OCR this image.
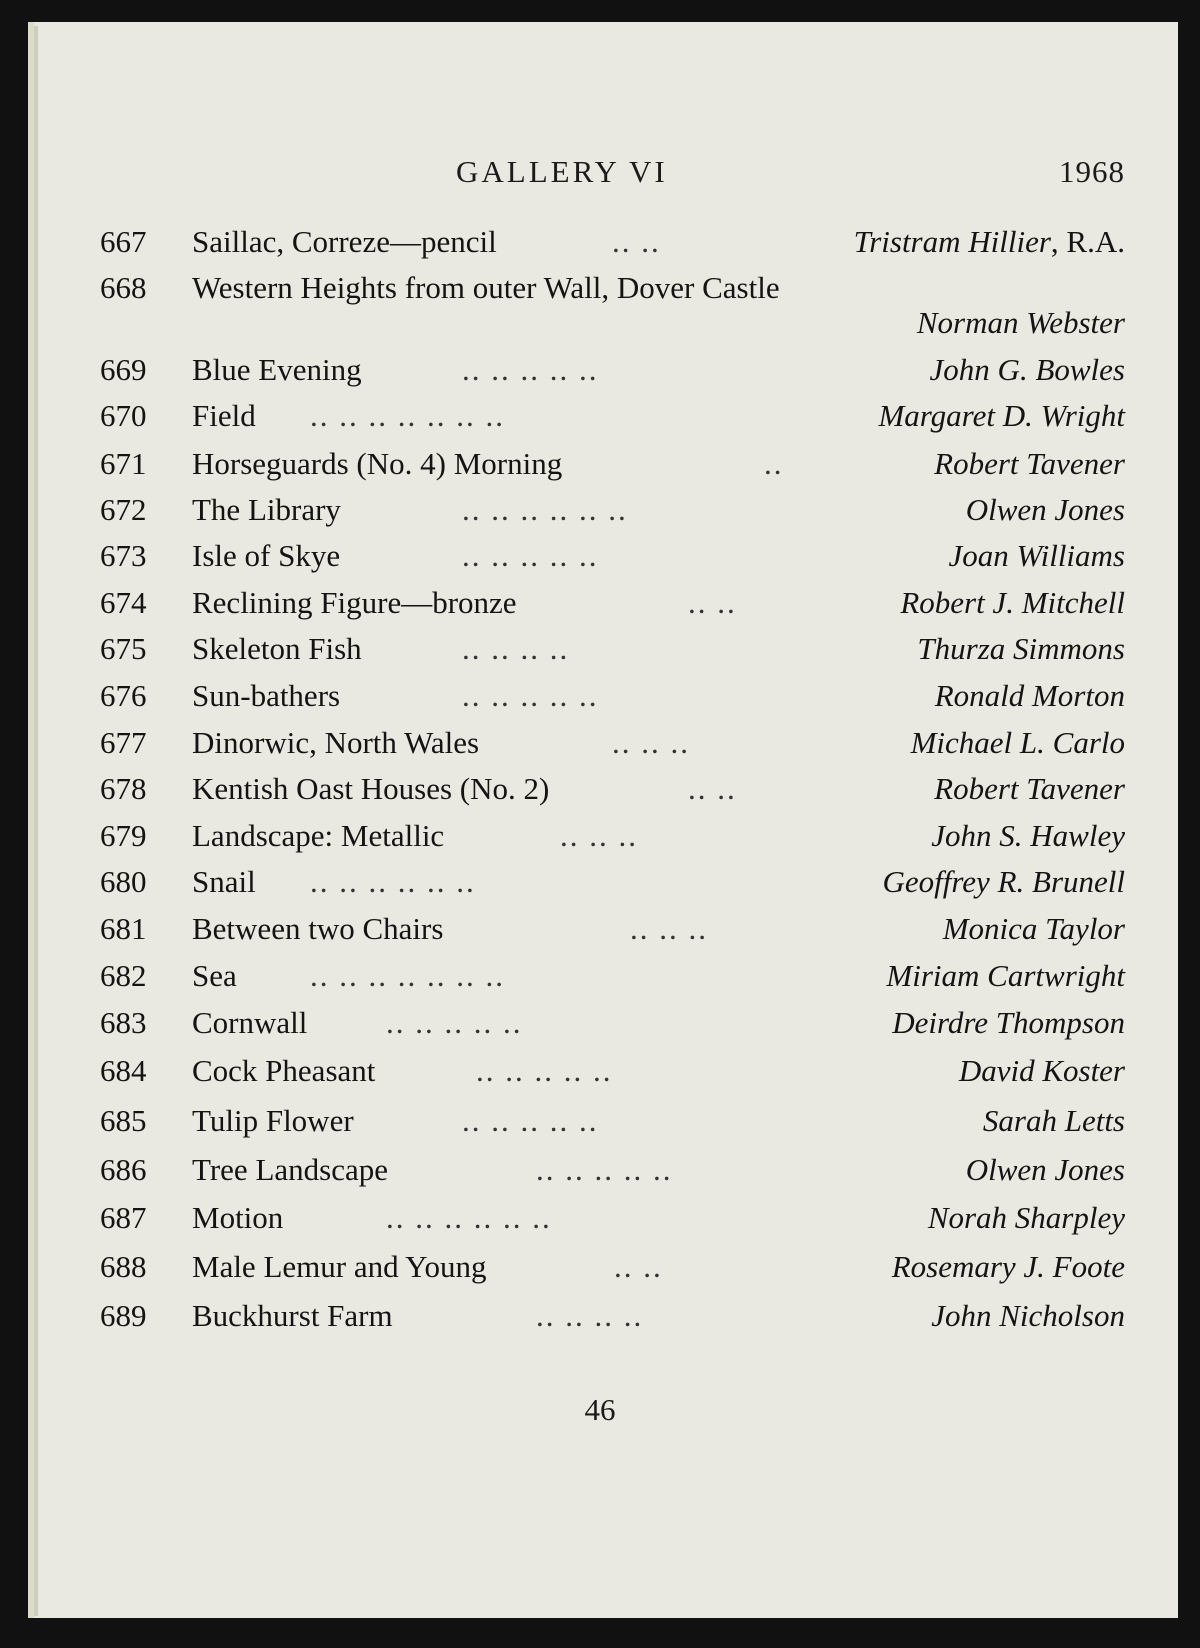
GALLERY VI	1968
667 Saillac, Correze—pencil	.. ..	Tristram Hillier, R.A.
668 Western Heights from outer Wall, Dover Castle
Norman Webster
669 Blue Evening	.. .. .. .. ..	John G. Bowles
670 Field .. .. .. .. .. .. ..	Margaret D. Wright
671 Horseguards (No. 4) Morning	..	Robert Tavener
672 The Library	.. .. .. .. .. ..	Olwen Jones
673 Isle of Skye	.. .. .. .. ..	Joan Williams
674 Reclining Figure—bronze	.. ..	Robert J. Mitchell
675 Skeleton Fish	.. .. .. ..	Thurza Simmons
676 Sun-bathers	.. .. .. .. ..	Ronald Morton
677 Dinorwic, North Wales	.. .. ..	Michael L. Carlo
678 Kentish Oast Houses (No. 2)	.. ..	Robert Tavener
679 Landscape: Metallic	.. .. ..	John S. Hawley
680 Snail .. .. .. .. .. ..	Geoffrey R. Brunell
681 Between two Chairs	.. .. ..	Monica Taylor
682 Sea .. .. .. .. .. .. ..	Miriam Cartwright
683 Cornwall	.. .. .. .. ..	Deirdre Thompson
684 Cock Pheasant	.. .. .. .. ..	David Koster
685 Tulip Flower	.. .. .. .. ..	Sarah Letts
686 Tree Landscape	.. .. .. .. ..	Olwen Jones
687 Motion	.. .. .. .. .. ..	Norah Sharpley
688 Male Lemur and Young	.. ..	Rosemary J. Foote
689 Buckhurst Farm	.. .. .. ..	John Nicholson
46
